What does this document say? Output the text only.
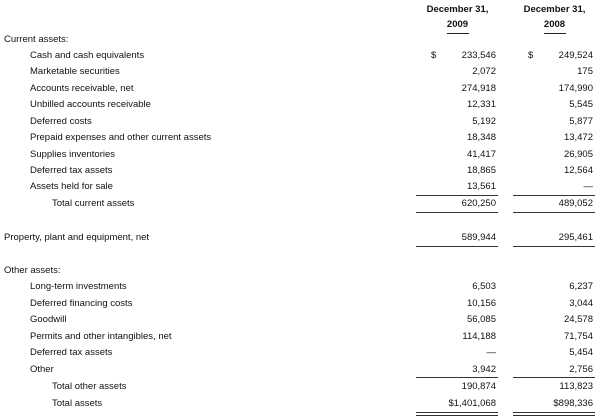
December 31,
2009
December 31,
2008
Current assets:
Cash and cash equivalents	$	233,546	$	249,524
Marketable securities	2,072	175
Accounts receivable, net	274,918	174,990
Unbilled accounts receivable	12,331	5,545
Deferred costs	5,192	5,877
Prepaid expenses and other current assets	18,348	13,472
Supplies inventories	41,417	26,905
Deferred tax assets	18,865	12,564
Assets held for sale	13,561	—
Total current assets	620,250	489,052
Property, plant and equipment, net	589,944	295,461
Other assets:
Long-term investments	6,503	6,237
Deferred financing costs	10,156	3,044
Goodwill	56,085	24,578
Permits and other intangibles, net	114,188	71,754
Deferred tax assets	—	5,454
Other	3,942	2,756
Total other assets	190,874	113,823
Total assets	$1,401,068	$898,336
